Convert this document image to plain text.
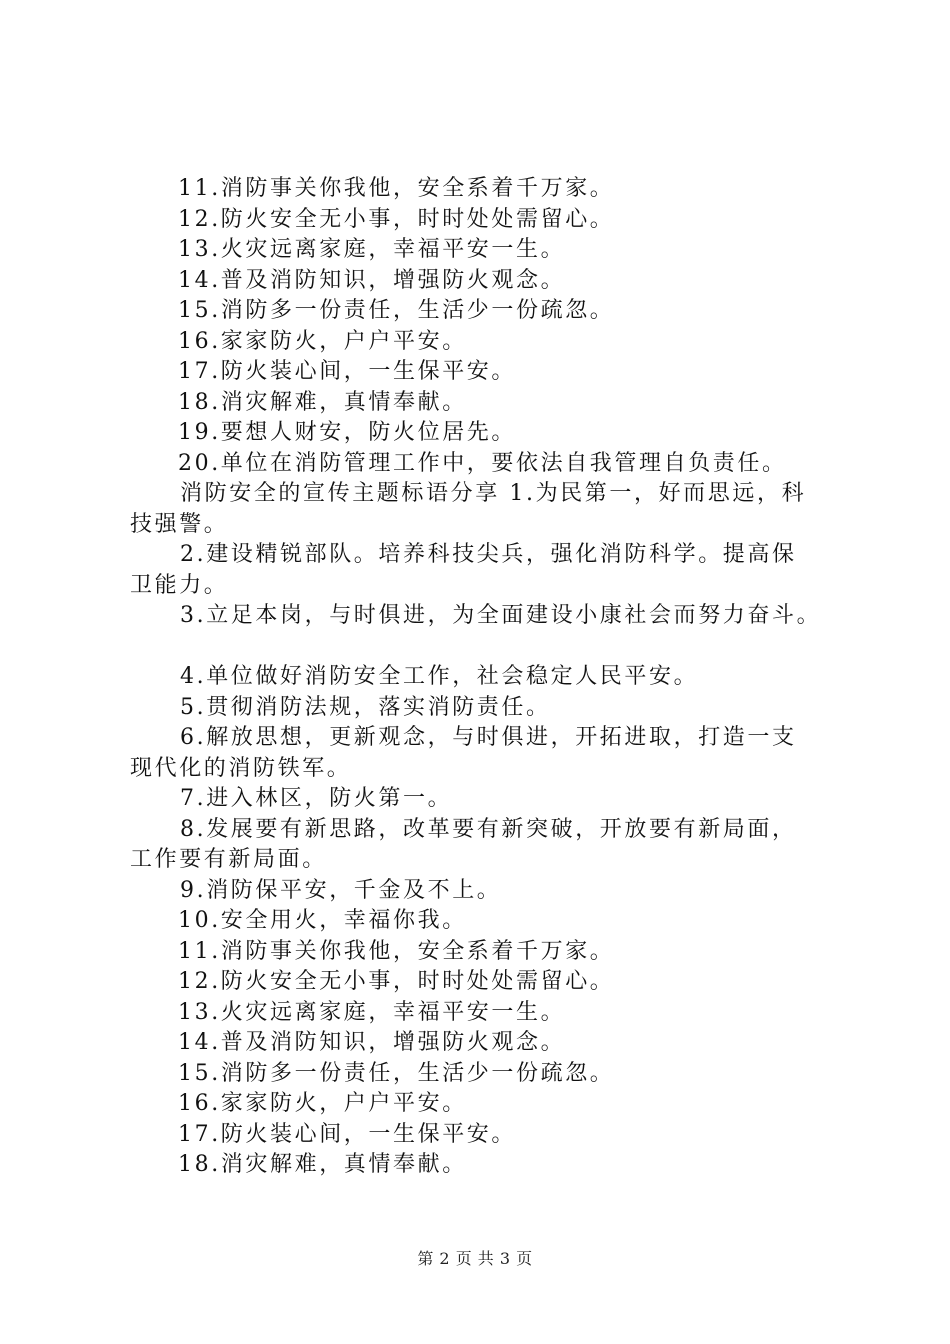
11.消防事关你我他，安全系着千万家。
12.防火安全无小事，时时处处需留心。
13.火灾远离家庭，幸福平安一生。
14.普及消防知识，增强防火观念。
15.消防多一份责任，生活少一份疏忽。
16.家家防火，户户平安。
17.防火装心间，一生保平安。
18.消灾解难，真情奉献。
19.要想人财安，防火位居先。
20.单位在消防管理工作中，要依法自我管理自负责任。
消防安全的宣传主题标语分享 1.为民第一，好而思远，科
技强警。
2.建设精锐部队。培养科技尖兵，强化消防科学。提高保
卫能力。
3.立足本岗，与时俱进，为全面建设小康社会而努力奋斗。
4.单位做好消防安全工作，社会稳定人民平安。
5.贯彻消防法规，落实消防责任。
6.解放思想，更新观念，与时俱进，开拓进取，打造一支
现代化的消防铁军。
7.进入林区，防火第一。
8.发展要有新思路，改革要有新突破，开放要有新局面，
工作要有新局面。
9.消防保平安，千金及不上。
10.安全用火，幸福你我。
11.消防事关你我他，安全系着千万家。
12.防火安全无小事，时时处处需留心。
13.火灾远离家庭，幸福平安一生。
14.普及消防知识，增强防火观念。
15.消防多一份责任，生活少一份疏忽。
16.家家防火，户户平安。
17.防火装心间，一生保平安。
18.消灾解难，真情奉献。
第 2 页 共 3 页
